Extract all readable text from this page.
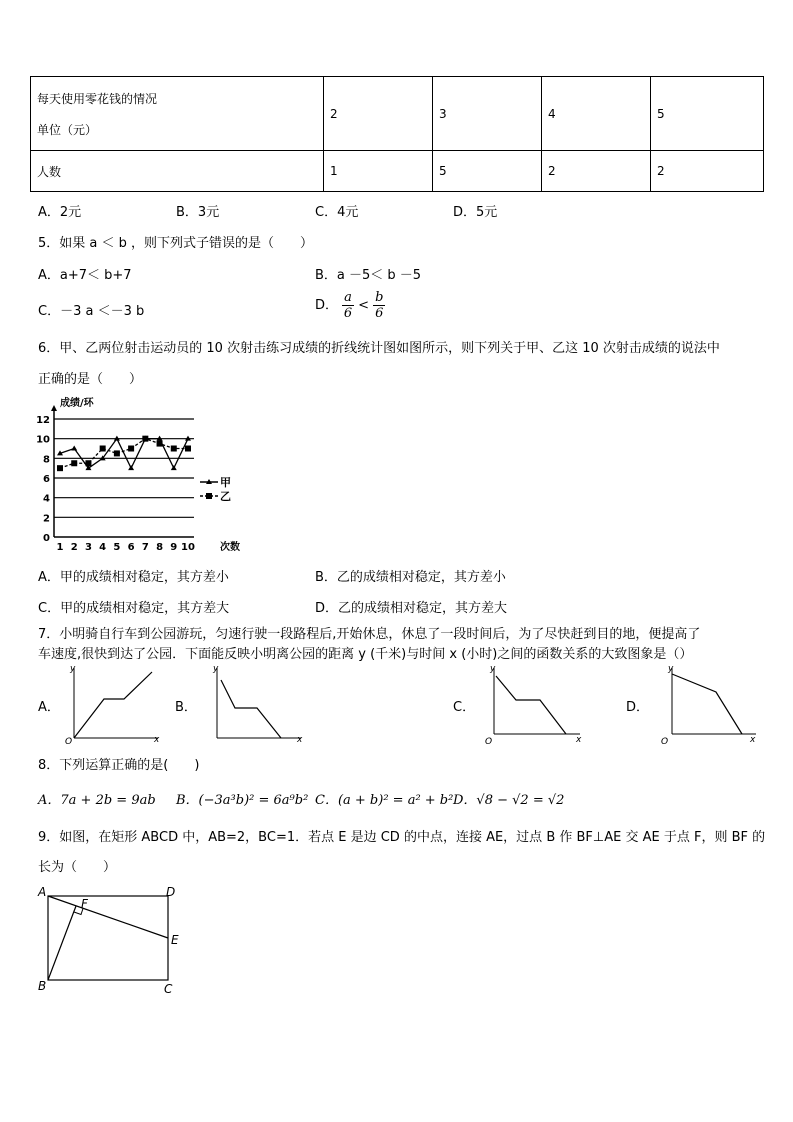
每天使用零花钱的情况
单位（元）	2	3	4	5
人数	1	5	2	2
A．2元	B．3元	C．4元	D．5元
5．如果 a ＜ b ，则下列式子错误的是（　　）
A．a+7＜ b+7	B．a －5＜ b －5
C．－3 a ＜－3 b	D． $\frac{a}{6} < \frac{b}{6}$
6．甲、乙两位射击运动员的 10 次射击练习成绩的折线统计图如图所示，则下列关于甲、乙这 10 次射击成绩的说法中
正确的是（　　）
0
2
4
6
8
10
12
1 2 3 4 5 6 7 8 9 10
成绩/环
次数
甲
乙
A．甲的成绩相对稳定，其方差小	B．乙的成绩相对稳定，其方差小
C．甲的成绩相对稳定，其方差大	D．乙的成绩相对稳定，其方差大
7．小明骑自行车到公园游玩，匀速行驶一段路程后,开始休息，休息了一段时间后，为了尽快赶到目的地，便提高了
车速度,很快到达了公园．下面能反映小明离公园的距离 y (千米)与时间 x (小时)之间的函数关系的大致图象是（）
A．
y
x
O
B．
y
x
C．
y
x
O
D．
y
x
O
8．下列运算正确的是(　　)
A．7a + 2b = 9ab B．(−3a³b)² = 6a⁹b² C．(a + b)² = a² + b² D．√8 − √2 = √2
9．如图，在矩形 ABCD 中，AB=2，BC=1．若点 E 是边 CD 的中点，连接 AE，过点 B 作 BF⊥AE 交 AE 于点 F，则 BF 的
长为（　　）
A
B	C
D
E
F
